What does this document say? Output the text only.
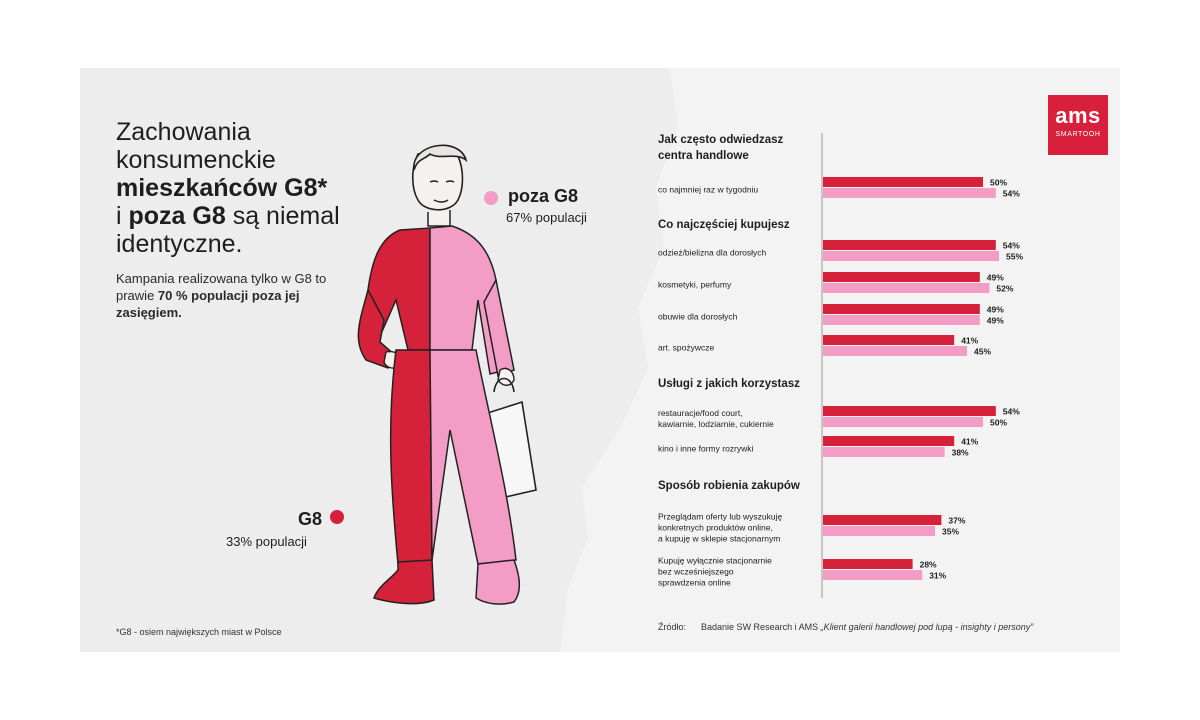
Zachowania
konsumenckie
mieszkańców G8*
i poza G8 są niemal
identyczne.
Kampania realizowana tylko w G8 to prawie 70 % populacji poza jej zasięgiem.
poza G8
67% populacji
G8
33% populacji
*G8 - osiem największych miast w Polsce
ams
SMARTOOH
Jak często odwiedzasz
centra handlowe
co najmniej raz w tygodniu
50%
54%
Co najczęściej kupujesz
odzież/bielizna dla dorosłych
54%
55%
kosmetyki, perfumy
49%
52%
obuwie dla dorosłych
49%
49%
art. spożywcze
41%
45%
Usługi z jakich korzystasz
restauracje/food court,
kawiarnie, lodziarnie, cukiernie
54%
50%
kino i inne formy rozrywki
41%
38%
Sposób robienia zakupów
Przeglądam oferty lub wyszukuję
konkretnych produktów online,
a kupuję w sklepie stacjonarnym
37%
35%
Kupuję wyłącznie stacjonarnie
bez wcześniejszego
sprawdzenia online
28%
31%
Źródło: Badanie SW Research i AMS „Klient galerii handlowej pod lupą - insighty i persony”
